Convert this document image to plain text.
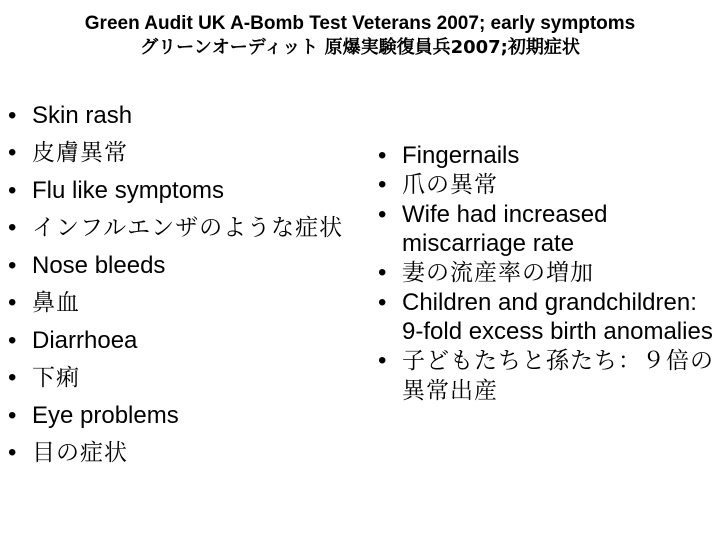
Green Audit UK A-Bomb Test Veterans 2007; early symptoms
グリーンオーディット 原爆実験復員兵2007;初期症状
•
Skin rash
•
皮膚異常
•
Flu like symptoms
•
インフルエンザのような症状
•
Nose bleeds
•
鼻血
•
Diarrhoea
•
下痢
•
Eye problems
•
目の症状
•
Fingernails
•
爪の異常
•
Wife had increased miscarriage rate
•
妻の流産率の増加
•
Children and grandchildren: 9-fold excess birth anomalies
•
子どもたちと孫たち：９倍の異常出産
